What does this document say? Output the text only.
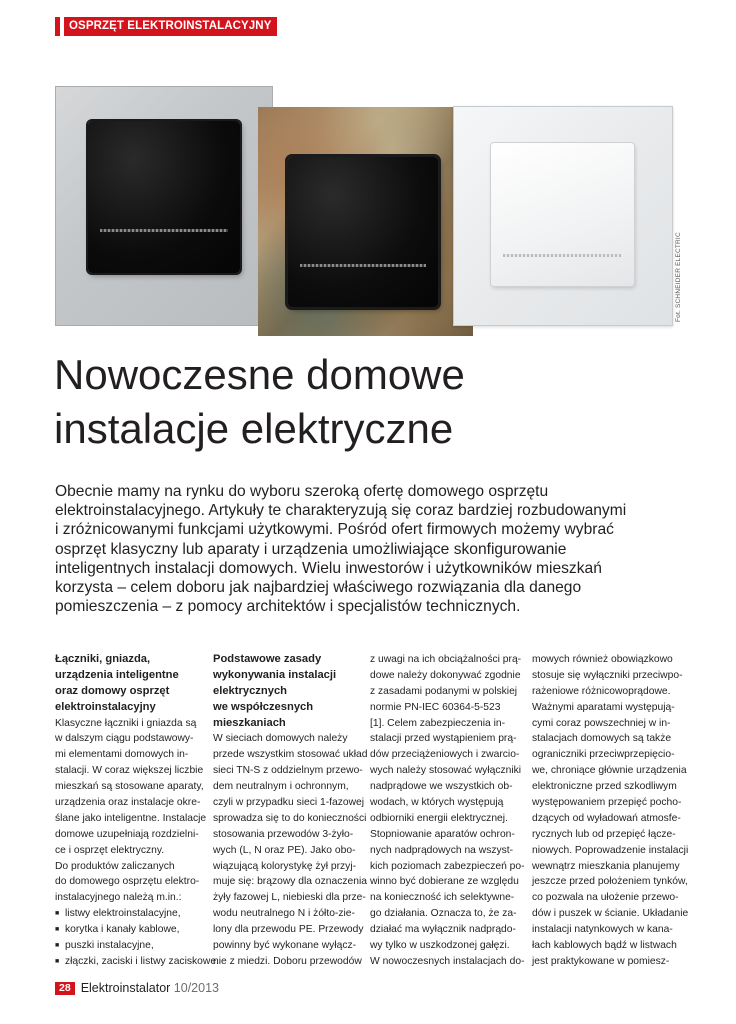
OSPRZĘT ELEKTROINSTALACYJNY
Fot. SCHNEIDER ELECTRIC
Nowoczesne domowe
instalacje elektryczne

Obecnie mamy na rynku do wyboru szeroką ofertę domowego osprzętu
elektroinstalacyjnego. Artykuły te charakteryzują się coraz bardziej rozbudowanymi
i zróżnicowanymi funkcjami użytkowymi. Pośród ofert firmowych możemy wybrać
osprzęt klasyczny lub aparaty i urządzenia umożliwiające skonfigurowanie
inteligentnych instalacji domowych. Wielu inwestorów i użytkowników mieszkań
korzysta – celem doboru jak najbardziej właściwego rozwiązania dla danego
pomieszczenia – z pomocy architektów i specjalistów technicznych.

Łączniki, gniazda,
urządzenia inteligentne
oraz domowy osprzęt
elektroinstalacyjny
Klasyczne łączniki i gniazda są
w dalszym ciągu podstawowy-
mi elementami domowych in-
stalacji. W coraz większej liczbie
mieszkań są stosowane aparaty,
urządzenia oraz instalacje okre-
ślane jako inteligentne. Instalacje
domowe uzupełniają rozdzielni-
ce i osprzęt elektryczny.
Do produktów zaliczanych
do domowego osprzętu elektro-
instalacyjnego należą m.in.:
■ listwy elektroinstalacyjne,
■ korytka i kanały kablowe,
■ puszki instalacyjne,
■ złączki, zaciski i listwy zaciskowe.
Podstawowe zasady
wykonywania instalacji
elektrycznych
we współczesnych
mieszkaniach
W sieciach domowych należy
przede wszystkim stosować układ
sieci TN-S z oddzielnym przewo-
dem neutralnym i ochronnym,
czyli w przypadku sieci 1-fazowej
sprowadza się to do konieczności
stosowania przewodów 3-żyło-
wych (L, N oraz PE). Jako obo-
wiązującą kolorystykę żył przyj-
muje się: brązowy dla oznaczenia
żyły fazowej L, niebieski dla prze-
wodu neutralnego N i żółto-zie-
lony dla przewodu PE. Przewody
powinny być wykonane wyłącz-
nie z miedzi. Doboru przewodów
z uwagi na ich obciążalności prą-
dowe należy dokonywać zgodnie
z zasadami podanymi w polskiej
normie PN-IEC 60364-5-523
[1]. Celem zabezpieczenia in-
stalacji przed wystąpieniem prą-
dów przeciążeniowych i zwarcio-
wych należy stosować wyłączniki
nadprądowe we wszystkich ob-
wodach, w których występują
odbiorniki energii elektrycznej.
Stopniowanie aparatów ochron-
nych nadprądowych na wszyst-
kich poziomach zabezpieczeń po-
winno być dobierane ze względu
na konieczność ich selektywne-
go działania. Oznacza to, że za-
działać ma wyłącznik nadprądo-
wy tylko w uszkodzonej gałęzi.
W nowoczesnych instalacjach do-
mowych również obowiązkowo
stosuje się wyłączniki przeciwpo-
rażeniowe różnicowoprądowe.
Ważnymi aparatami występują-
cymi coraz powszechniej w in-
stalacjach domowych są także
ograniczniki przeciwprzepięcio-
we, chroniące głównie urządzenia
elektroniczne przed szkodliwym
występowaniem przepięć pocho-
dzących od wyładowań atmosfe-
rycznych lub od przepięć łącze-
niowych. Poprowadzenie instalacji
wewnątrz mieszkania planujemy
jeszcze przed położeniem tynków,
co pozwala na ułożenie przewo-
dów i puszek w ścianie. Układanie
instalacji natynkowych w kana-
łach kablowych bądź w listwach
jest praktykowane w pomiesz-
28 Elektroinstalator
10/2013
